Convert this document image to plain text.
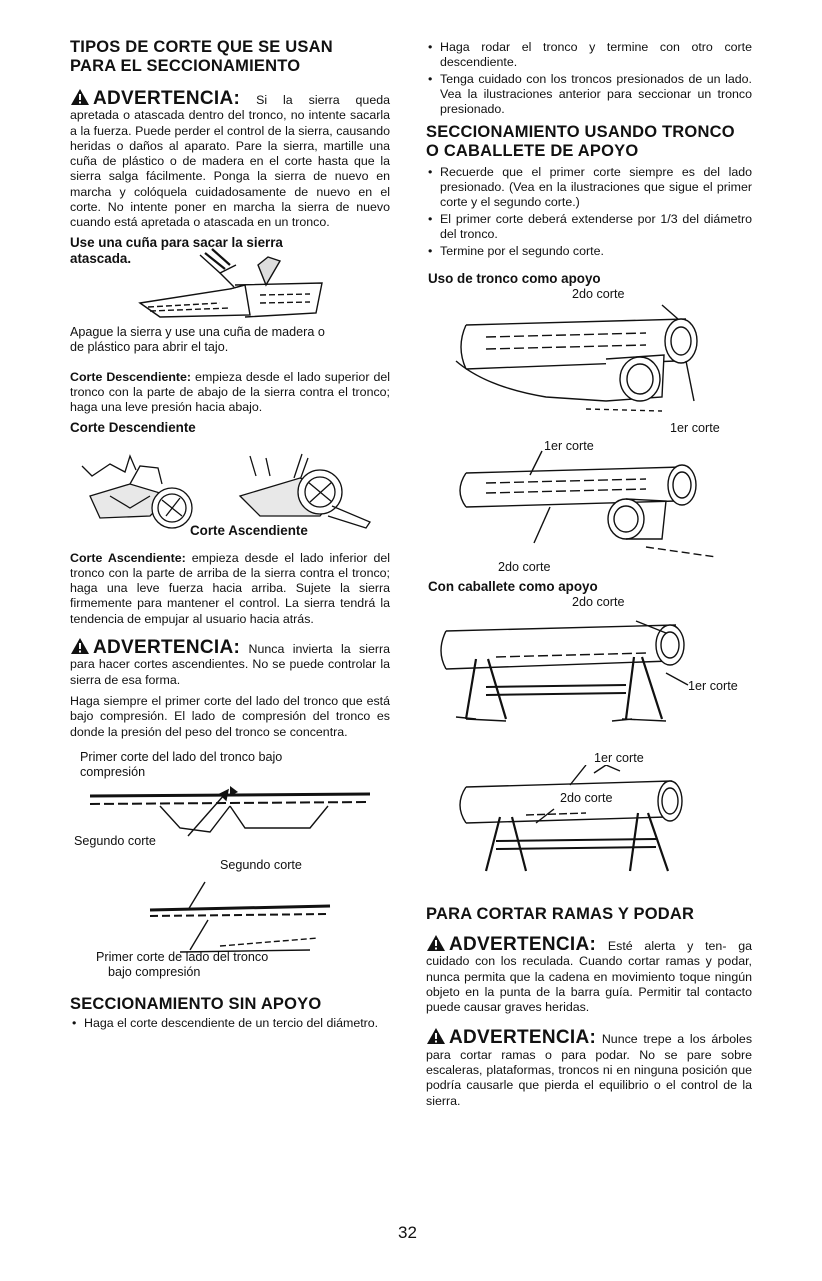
TIPOS DE CORTE QUE SE USAN PARA EL SECCIONAMIENTO

ADVERTENCIA: Si la sierra queda apretada o atascada dentro del tronco, no intente sacarla a la fuerza. Puede perder el control de la sierra, causando heridas o daños al aparato. Pare la sierra, martille una cuña de plástico o de madera en el corte hasta que la sierra salga fácilmente. Ponga la sierra de nuevo en marcha y colóquela cuidadosamente de nuevo en el corte. No intente poner en marcha la sierra de nuevo cuando está apretada o atascada en un tronco.

Use una cuña para sacar la sierra
atascada.
Apague la sierra y use una cuña de madera o de plástico para abrir el tajo.

Corte Descendiente: empieza desde el lado superior del tronco con la parte de abajo de la sierra contra el tronco; haga una leve presión hacia abajo.

Corte Descendiente
Corte Ascendiente

Corte Ascendiente: empieza desde el lado inferior del tronco con la parte de arriba de la sierra contra el tronco; haga una leve fuerza hacia arriba. Sujete la sierra firmemente para mantener el control. La sierra tendrá la tendencia de empujar al usuario hacia atrás.

ADVERTENCIA: Nunca invierta la sierra para hacer cortes ascendientes. No se puede controlar la sierra de esa forma.

Haga siempre el primer corte del lado del tronco que está bajo compresión. El lado de compresión del tronco es donde la presión del peso del tronco se concentra.

Primer corte del lado del tronco bajo compresión
Segundo corte
Segundo corte
Primer corte de lado del tronco
bajo compresión
SECCIONAMIENTO SIN APOYO
• Haga el corte descendiente de un tercio del diámetro.
• Haga rodar el tronco y termine con otro corte descendiente.
• Tenga cuidado con los troncos presionados de un lado. Vea la ilustraciones anterior para seccionar un tronco presionado.
SECCIONAMIENTO USANDO TRONCO O CABALLETE DE APOYO
• Recuerde que el primer corte siempre es del lado presionado. (Vea en la ilustraciones que sigue el primer corte y el segundo corte.)
• El primer corte deberá extenderse por 1/3 del diámetro del tronco.
• Termine por el segundo corte.
Uso de tronco como apoyo
2do corte
1er corte
1er corte
2do corte
Con caballete como apoyo
2do corte
1er corte
1er corte
2do corte
PARA CORTAR RAMAS Y PODAR

ADVERTENCIA: Esté alerta y ten- ga cuidado con los reculada. Cuando cortar ramas y podar, nunca permita que la cadena en movimiento toque ningún objeto en la punta de la barra guía. Permitir tal contacto puede causar graves heridas.

ADVERTENCIA: Nunce trepe a los árboles para cortar ramas o para podar. No se pare sobre escaleras, plataformas, troncos ni en ninguna posición que podría causarle que pierda el equilibrio o el control de la sierra.

32
